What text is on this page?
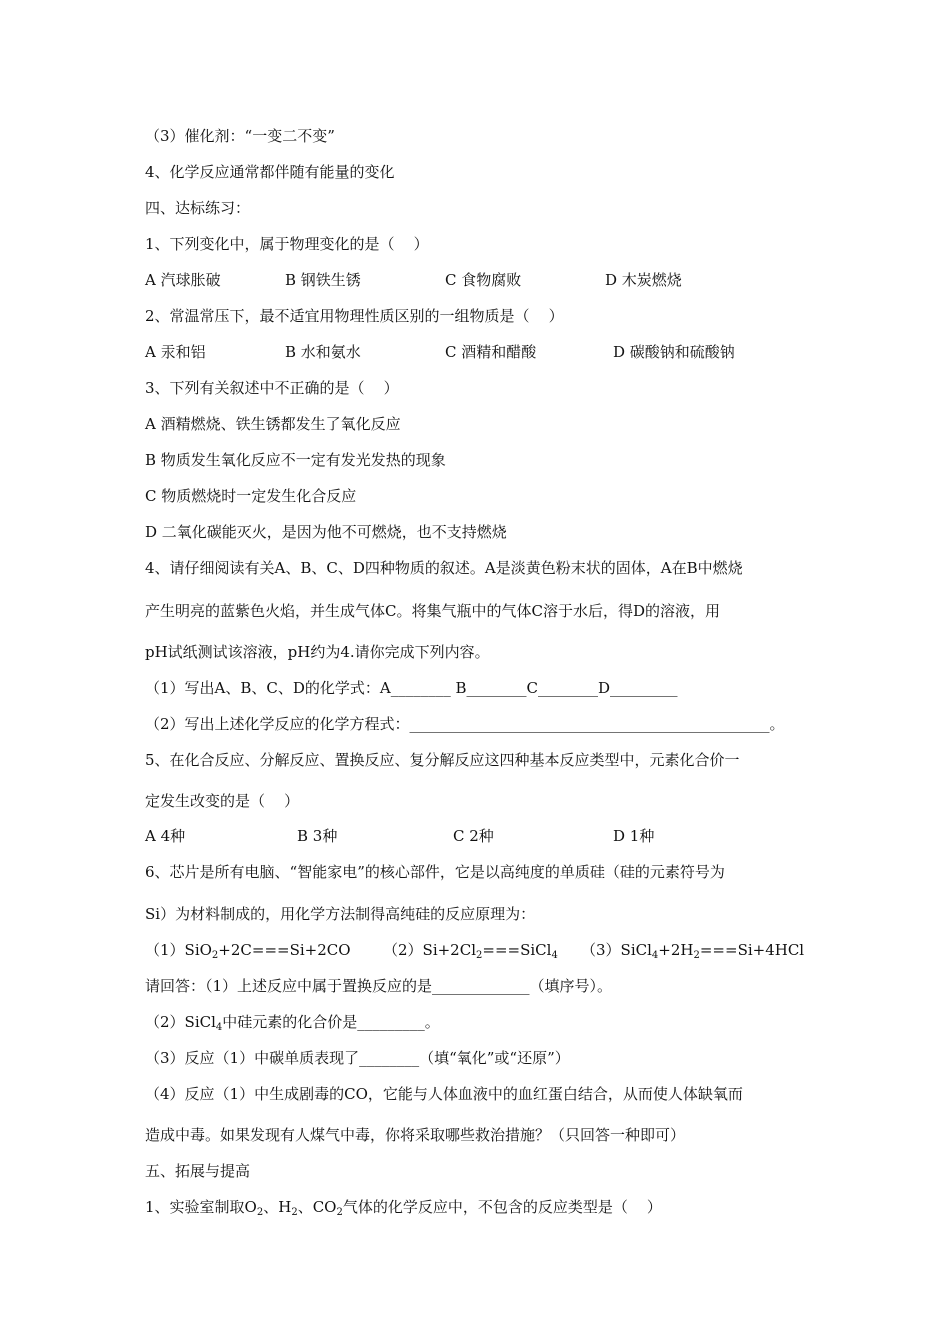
（3）催化剂：“一变二不变”
4、化学反应通常都伴随有能量的变化
四、达标练习：
1、下列变化中，属于物理变化的是（    ）
A 汽球胀破	B 钢铁生锈	C 食物腐败	D 木炭燃烧
2、常温常压下，最不适宜用物理性质区别的一组物质是（    ）
A 汞和铝	B 水和氨水	C 酒精和醋酸	D 碳酸钠和硫酸钠
3、下列有关叙述中不正确的是（    ）
A 酒精燃烧、铁生锈都发生了氧化反应
B 物质发生氧化反应不一定有发光发热的现象
C 物质燃烧时一定发生化合反应
D 二氧化碳能灭火，是因为他不可燃烧，也不支持燃烧
4、请仔细阅读有关A、B、C、D四种物质的叙述。A是淡黄色粉末状的固体，A在B中燃烧
产生明亮的蓝紫色火焰，并生成气体C。将集气瓶中的气体C溶于水后，得D的溶液，用
pH试纸测试该溶液，pH约为4.请你完成下列内容。
（1）写出A、B、C、D的化学式：A________ B________C________D_________
（2）写出上述化学反应的化学方程式：________________________________________________。
5、在化合反应、分解反应、置换反应、复分解反应这四种基本反应类型中，元素化合价一
定发生改变的是（    ）
A 4种	B 3种	C 2种	D 1种
6、芯片是所有电脑、“智能家电”的核心部件，它是以高纯度的单质硅（硅的元素符号为
Si）为材料制成的，用化学方法制得高纯硅的反应原理为：
（1）SiO$_2$+2C===Si+2CO $(2)Si+2Cl_2===SiCl_4$ $(3)SiCl_4+2H_2===Si+4HCl$
请回答：（1）上述反应中属于置换反应的是_____________（填序号）。
（2）SiCl$_4$中硅元素的化合价是_________。
（3）反应（1）中碳单质表现了________（填“氧化”或“还原”）
（4）反应（1）中生成剧毒的CO，它能与人体血液中的血红蛋白结合，从而使人体缺氧而
造成中毒。如果发现有人煤气中毒，你将采取哪些救治措施？（只回答一种即可）
五、拓展与提高
1、实验室制取$O_2$、$H_2$、$CO_2$气体的化学反应中，不包含的反应类型是（    ）
